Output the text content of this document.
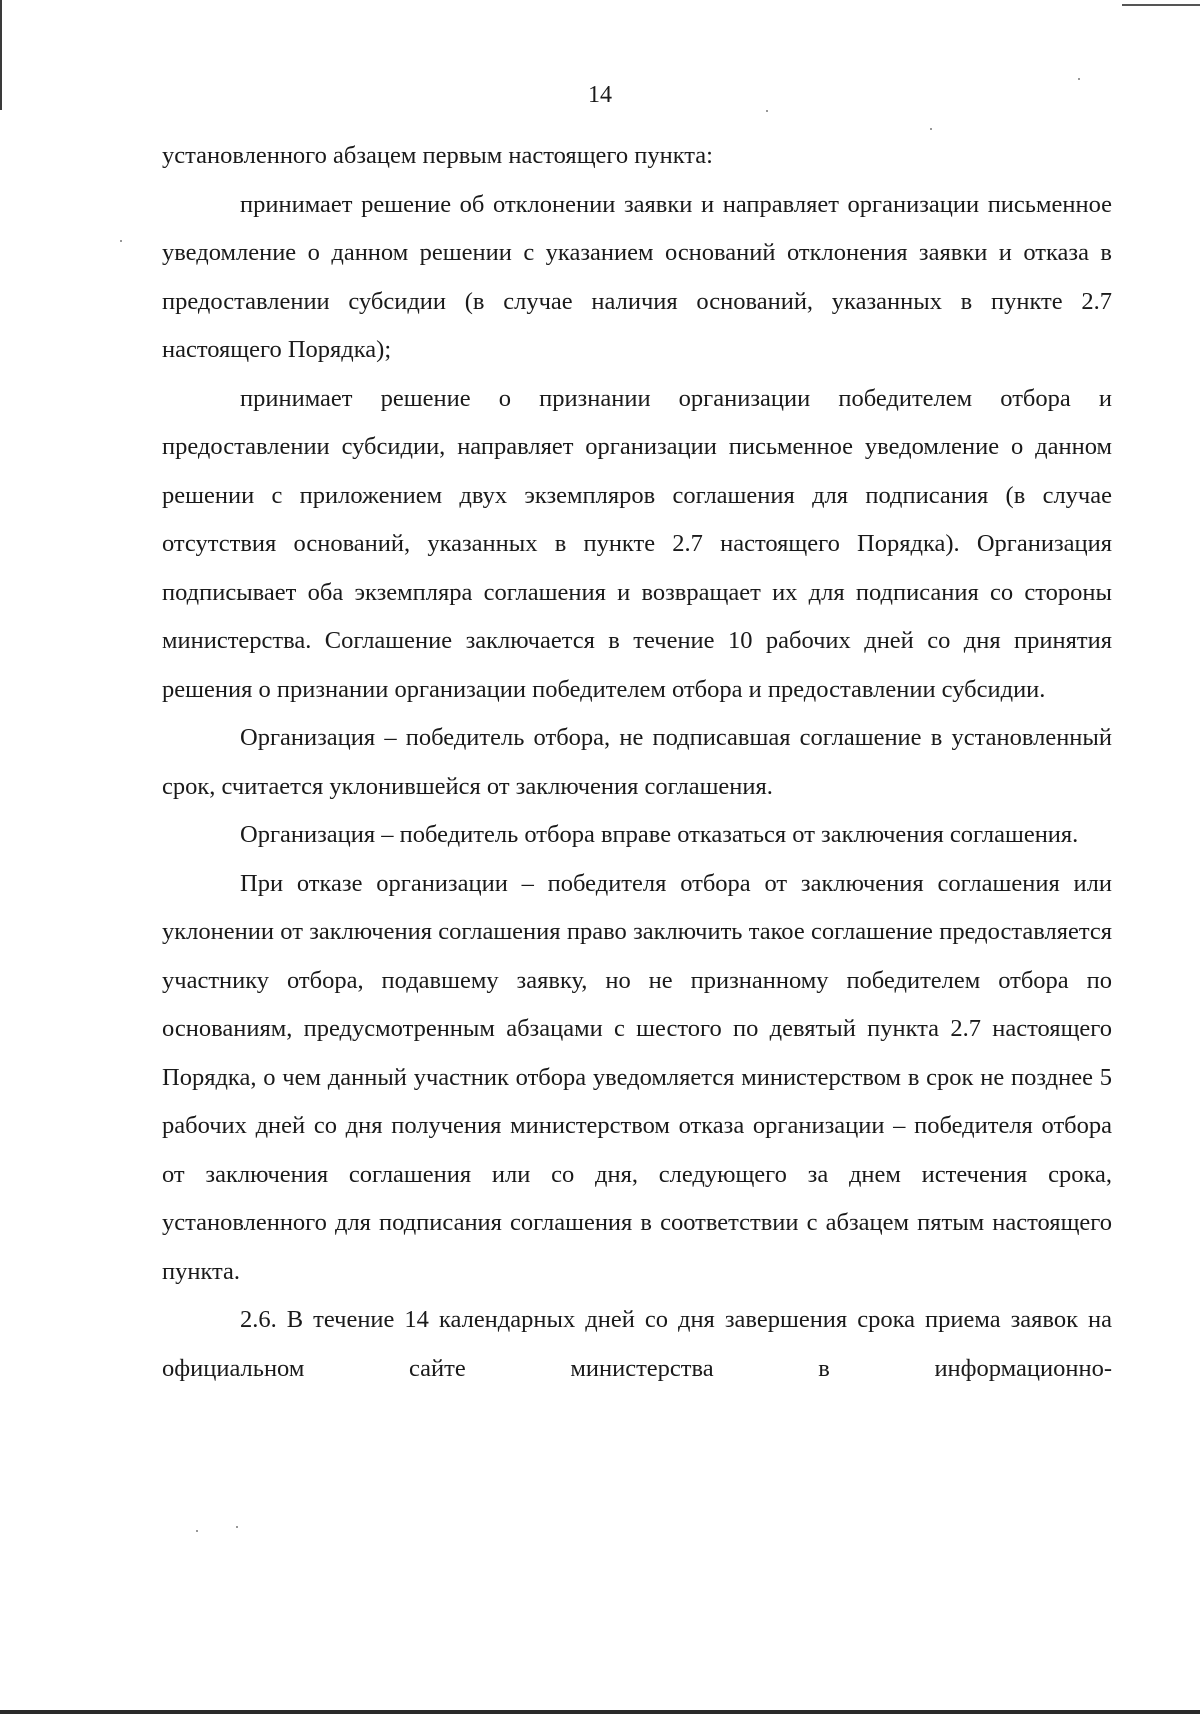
14

установленного абзацем первым настоящего пункта:

принимает решение об отклонении заявки и направляет организации письменное уведомление о данном решении с указанием оснований отклонения заявки и отказа в предоставлении субсидии (в случае наличия оснований, указанных в пункте 2.7 настоящего Порядка);

принимает решение о признании организации победителем отбора и предоставлении субсидии, направляет организации письменное уведомление о данном решении с приложением двух экземпляров соглашения для подписания (в случае отсутствия оснований, указанных в пункте 2.7 настоящего Порядка). Организация подписывает оба экземпляра соглашения и возвращает их для подписания со стороны министерства. Соглашение заключается в течение 10 рабочих дней со дня принятия решения о признании организации победителем отбора и предоставлении субсидии.

Организация – победитель отбора, не подписавшая соглашение в установленный срок, считается уклонившейся от заключения соглашения.

Организация – победитель отбора вправе отказаться от заключения соглашения.

При отказе организации – победителя отбора от заключения соглашения или уклонении от заключения соглашения право заключить такое соглашение предоставляется участнику отбора, подавшему заявку, но не признанному победителем отбора по основаниям, предусмотренным абзацами с шестого по девятый пункта 2.7 настоящего Порядка, о чем данный участник отбора уведомляется министерством в срок не позднее 5 рабочих дней со дня получения министерством отказа организации – победителя отбора от заключения соглашения или со дня, следующего за днем истечения срока, установленного для подписания соглашения в соответствии с абзацем пятым настоящего пункта.

2.6. В течение 14 календарных дней со дня завершения срока приема заявок на официальном сайте министерства в информационно-
